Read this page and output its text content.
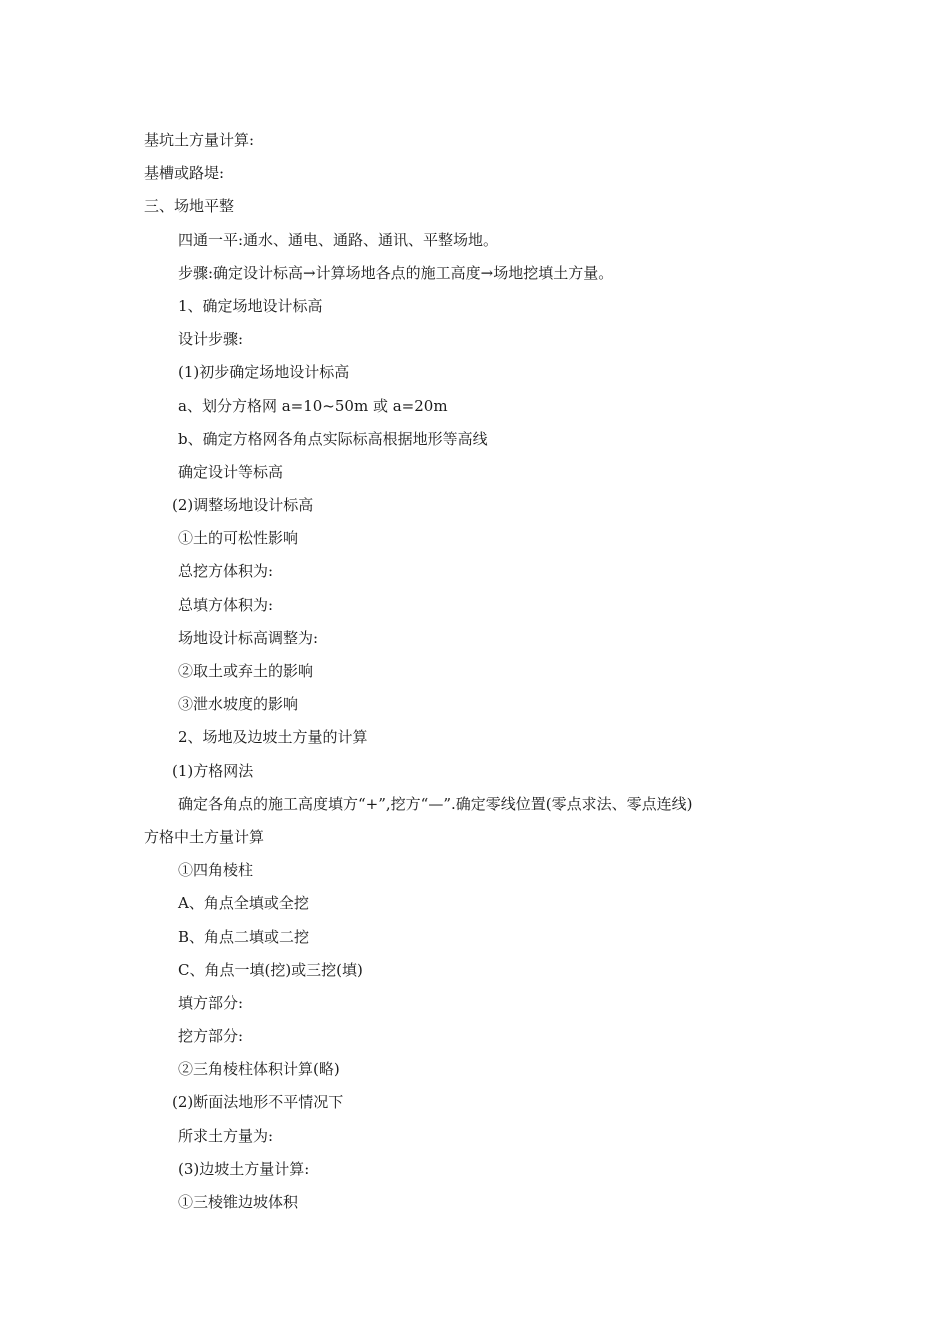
基坑土方量计算:

基槽或路堤:

三、场地平整

四通一平:通水、通电、通路、通讯、平整场地。

步骤:确定设计标高→计算场地各点的施工高度→场地挖填土方量。

1、确定场地设计标高

设计步骤:

(1)初步确定场地设计标高

a、划分方格网 a=10~50m 或 a=20m

b、确定方格网各角点实际标高根据地形等高线

确定设计等标高

(2)调整场地设计标高

①土的可松性影响

总挖方体积为:

总填方体积为:

场地设计标高调整为:

②取土或弃土的影响

③泄水坡度的影响

2、场地及边坡土方量的计算

(1)方格网法

确定各角点的施工高度填方“+”,挖方“—”.确定零线位置(零点求法、零点连线)

方格中土方量计算

①四角棱柱

A、角点全填或全挖

B、角点二填或二挖

C、角点一填(挖)或三挖(填)

填方部分:

挖方部分:

②三角棱柱体积计算(略)

(2)断面法地形不平情况下

所求土方量为:

(3)边坡土方量计算:

①三棱锥边坡体积
